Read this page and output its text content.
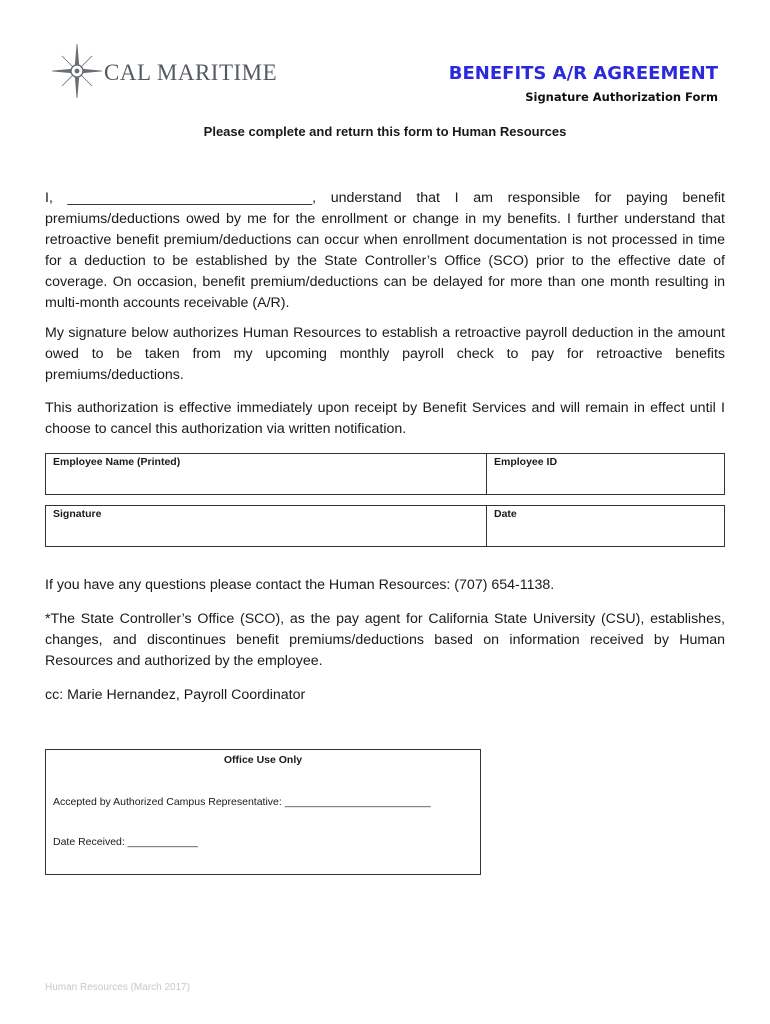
CAL MARITIME	BENEFITS A/R AGREEMENT
Signature Authorization Form
Please complete and return this form to Human Resources

I, _______________________________, understand that I am responsible for paying benefit premiums/deductions owed by me for the enrollment or change in my benefits. I further understand that retroactive benefit premium/deductions can occur when enrollment documentation is not processed in time for a deduction to be established by the State Controller’s Office (SCO) prior to the effective date of coverage. On occasion, benefit premium/deductions can be delayed for more than one month resulting in multi-month accounts receivable (A/R).

My signature below authorizes Human Resources to establish a retroactive payroll deduction in the amount owed to be taken from my upcoming monthly payroll check to pay for retroactive benefits premiums/deductions.

This authorization is effective immediately upon receipt by Benefit Services and will remain in effect until I choose to cancel this authorization via written notification.

Employee Name (Printed)	Employee ID
Signature	Date

If you have any questions please contact the Human Resources: (707) 654-1138.

*The State Controller’s Office (SCO), as the pay agent for California State University (CSU), establishes, changes, and discontinues benefit premiums/deductions based on information received by Human Resources and authorized by the employee.

cc: Marie Hernandez, Payroll Coordinator

Office Use Only
Accepted by Authorized Campus Representative: _________________________
Date Received: ____________
Human Resources (March 2017)
